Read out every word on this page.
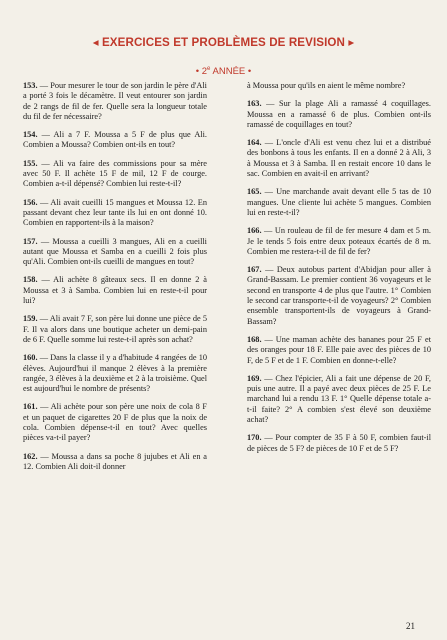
◂ EXERCICES ET PROBLÈMES DE REVISION ▸
• 2e ANNÉE •
153. — Pour mesurer le tour de son jardin le père d'Ali a porté 3 fois le décamètre. Il veut entourer son jardin de 2 rangs de fil de fer. Quelle sera la longueur totale du fil de fer nécessaire?
154. — Ali a 7 F. Moussa a 5 F de plus que Ali. Combien a Moussa? Combien ont-ils en tout?
155. — Ali va faire des commissions pour sa mère avec 50 F. Il achète 15 F de mil, 12 F de courge. Combien a-t-il dépensé? Combien lui reste-t-il?
156. — Ali avait cueilli 15 mangues et Moussa 12. En passant devant chez leur tante ils lui en ont donné 10. Combien en rapportent-ils à la maison?
157. — Moussa a cueilli 3 mangues, Ali en a cueilli autant que Moussa et Samba en a cueilli 2 fois plus qu'Ali. Combien ont-ils cueilli de mangues en tout?
158. — Ali achète 8 gâteaux secs. Il en donne 2 à Moussa et 3 à Samba. Combien lui en reste-t-il pour lui?
159. — Ali avait 7 F, son père lui donne une pièce de 5 F. Il va alors dans une boutique acheter un demi-pain de 6 F. Quelle somme lui reste-t-il après son achat?
160. — Dans la classe il y a d'habitude 4 rangées de 10 élèves. Aujourd'hui il manque 2 élèves à la première rangée, 3 élèves à la deuxième et 2 à la troisième. Quel est aujourd'hui le nombre de présents?
161. — Ali achète pour son père une noix de cola 8 F et un paquet de cigarettes 20 F de plus que la noix de cola. Combien dépense-t-il en tout? Avec quelles pièces va-t-il payer?
162. — Moussa a dans sa poche 8 jujubes et Ali en a 12. Combien Ali doit-il donner
à Moussa pour qu'ils en aient le même nombre?
163. — Sur la plage Ali a ramassé 4 coquillages. Moussa en a ramassé 6 de plus. Combien ont-ils ramassé de coquillages en tout?
164. — L'oncle d'Ali est venu chez lui et a distribué des bonbons à tous les enfants. Il en a donné 2 à Ali, 3 à Moussa et 3 à Samba. Il en restait encore 10 dans le sac. Combien en avait-il en arrivant?
165. — Une marchande avait devant elle 5 tas de 10 mangues. Une cliente lui achète 5 mangues. Combien lui en reste-t-il?
166. — Un rouleau de fil de fer mesure 4 dam et 5 m. Je le tends 5 fois entre deux poteaux écartés de 8 m. Combien me restera-t-il de fil de fer?
167. — Deux autobus partent d'Abidjan pour aller à Grand-Bassam. Le premier contient 36 voyageurs et le second en transporte 4 de plus que l'autre. 1° Combien le second car transporte-t-il de voyageurs? 2° Combien ensemble transportent-ils de voyageurs à Grand-Bassam?
168. — Une maman achète des bananes pour 25 F et des oranges pour 18 F. Elle paie avec des pièces de 10 F, de 5 F et de 1 F. Combien en donne-t-elle?
169. — Chez l'épicier, Ali a fait une dépense de 20 F, puis une autre. Il a payé avec deux pièces de 25 F. Le marchand lui a rendu 13 F. 1° Quelle dépense totale a-t-il faite? 2° A combien s'est élevé son deuxième achat?
170. — Pour compter de 35 F à 50 F, combien faut-il de pièces de 5 F? de pièces de 10 F et de 5 F?
21
